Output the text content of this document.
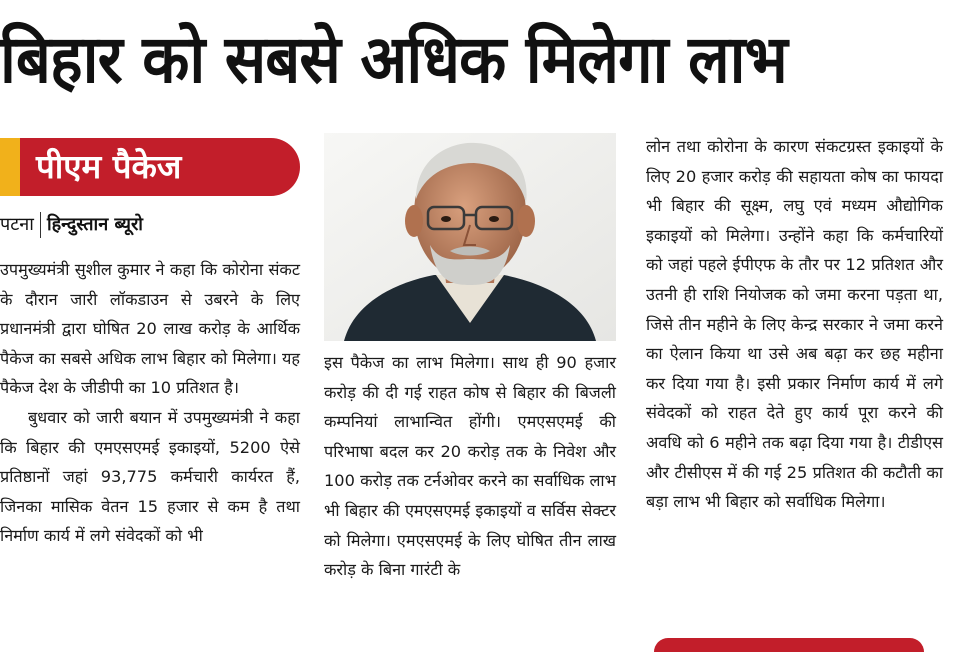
बिहार को सबसे अधिक मिलेगा लाभ
पीएम पैकेज
पटना हिन्दुस्तान ब्यूरो

उपमुख्यमंत्री सुशील कुमार ने कहा कि कोरोना संकट के दौरान जारी लॉकडाउन से उबरने के लिए प्रधानमंत्री द्वारा घोषित 20 लाख करोड़ के आर्थिक पैकेज का सबसे अधिक लाभ बिहार को मिलेगा। यह पैकेज देश के जीडीपी का 10 प्रतिशत है।

बुधवार को जारी बयान में उपमुख्यमंत्री ने कहा कि बिहार की एमएसएमई इकाइयों, 5200 ऐसे प्रतिष्ठानों जहां 93,775 कर्मचारी कार्यरत हैं, जिनका मासिक वेतन 15 हजार से कम है तथा निर्माण कार्य में लगे संवेदकों को भी

इस पैकेज का लाभ मिलेगा। साथ ही 90 हजार करोड़ की दी गई राहत कोष से बिहार की बिजली कम्पनियां लाभान्वित होंगी। एमएसएमई की परिभाषा बदल कर 20 करोड़ तक के निवेश और 100 करोड़ तक टर्नओवर करने का सर्वाधिक लाभ भी बिहार की एमएसएमई इकाइयों व सर्विस सेक्टर को मिलेगा। एमएसएमई के लिए घोषित तीन लाख करोड़ के बिना गारंटी के

लोन तथा कोरोना के कारण संकटग्रस्त इकाइयों के लिए 20 हजार करोड़ की सहायता कोष का फायदा भी बिहार की सूक्ष्म, लघु एवं मध्यम औद्योगिक इकाइयों को मिलेगा। उन्होंने कहा कि कर्मचारियों को जहां पहले ईपीएफ के तौर पर 12 प्रतिशत और उतनी ही राशि नियोजक को जमा करना पड़ता था, जिसे तीन महीने के लिए केन्द्र सरकार ने जमा करने का ऐलान किया था उसे अब बढ़ा कर छह महीना कर दिया गया है। इसी प्रकार निर्माण कार्य में लगे संवेदकों को राहत देते हुए कार्य पूरा करने की अवधि को 6 महीने तक बढ़ा दिया गया है। टीडीएस और टीसीएस में की गई 25 प्रतिशत की कटौती का बड़ा लाभ भी बिहार को सर्वाधिक मिलेगा।
